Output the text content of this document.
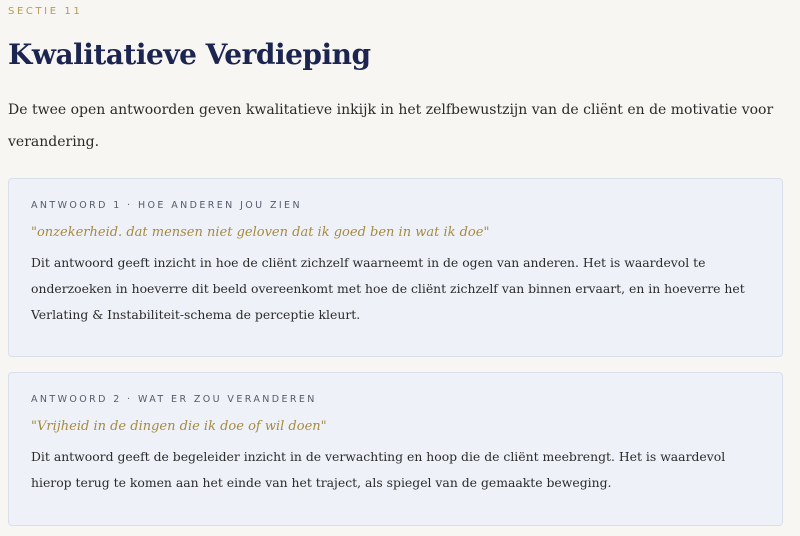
SECTIE 11
Kwalitatieve Verdieping

De twee open antwoorden geven kwalitatieve inkijk in het zelfbewustzijn van de cliënt en de motivatie voor verandering.

ANTWOORD 1 · HOE ANDEREN JOU ZIEN
"onzekerheid. dat mensen niet geloven dat ik goed ben in wat ik doe"

Dit antwoord geeft inzicht in hoe de cliënt zichzelf waarneemt in de ogen van anderen. Het is waardevol te onderzoeken in hoeverre dit beeld overeenkomt met hoe de cliënt zichzelf van binnen ervaart, en in hoeverre het Verlating & Instabiliteit-schema de perceptie kleurt.

ANTWOORD 2 · WAT ER ZOU VERANDEREN
"Vrijheid in de dingen die ik doe of wil doen"

Dit antwoord geeft de begeleider inzicht in de verwachting en hoop die de cliënt meebrengt. Het is waardevol hierop terug te komen aan het einde van het traject, als spiegel van de gemaakte beweging.
